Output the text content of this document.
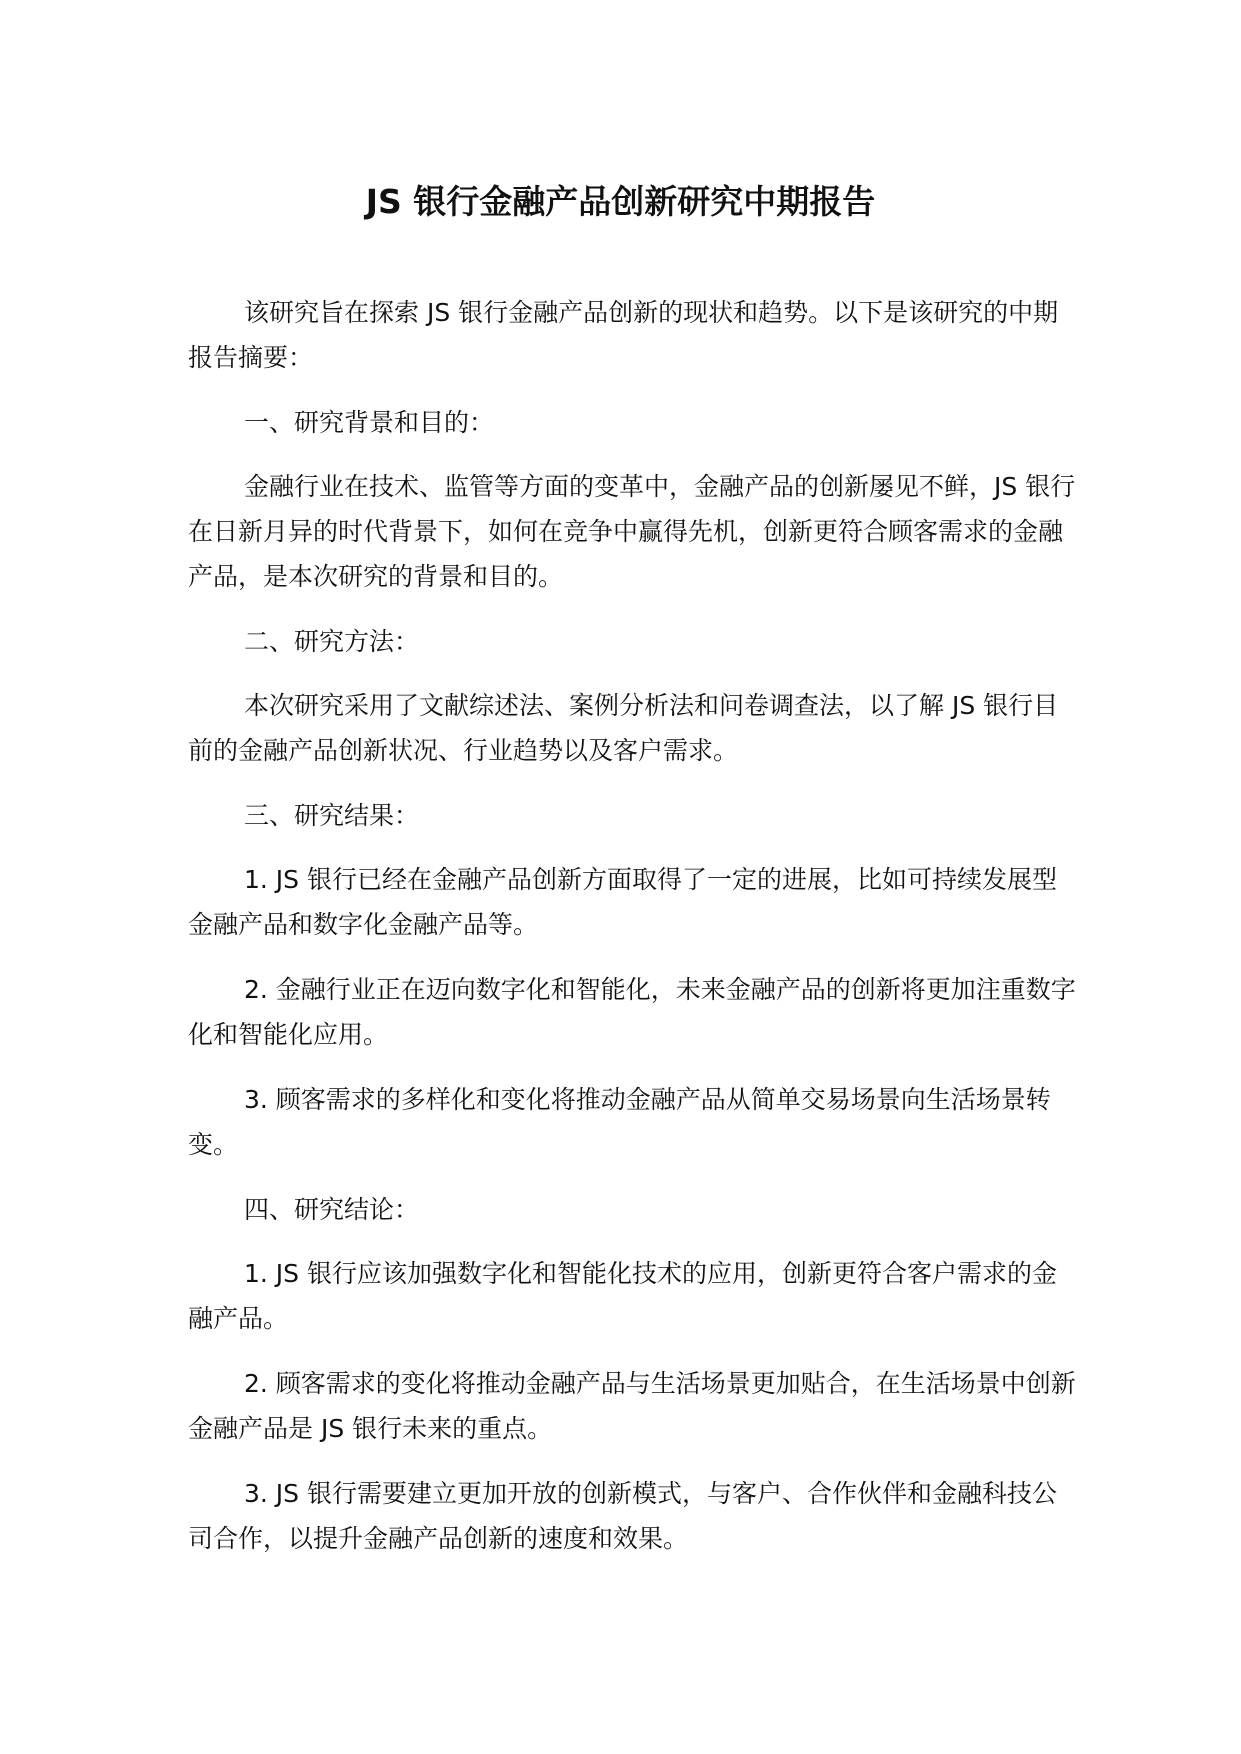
JS 银行金融产品创新研究中期报告

该研究旨在探索 JS 银行金融产品创新的现状和趋势。以下是该研究的中期报告摘要：

一、研究背景和目的：

金融行业在技术、监管等方面的变革中，金融产品的创新屡见不鲜，JS 银行在日新月异的时代背景下，如何在竞争中赢得先机，创新更符合顾客需求的金融产品，是本次研究的背景和目的。

二、研究方法：

本次研究采用了文献综述法、案例分析法和问卷调查法，以了解 JS 银行目前的金融产品创新状况、行业趋势以及客户需求。

三、研究结果：

1. JS 银行已经在金融产品创新方面取得了一定的进展，比如可持续发展型金融产品和数字化金融产品等。

2. 金融行业正在迈向数字化和智能化，未来金融产品的创新将更加注重数字化和智能化应用。

3. 顾客需求的多样化和变化将推动金融产品从简单交易场景向生活场景转变。

四、研究结论：

1. JS 银行应该加强数字化和智能化技术的应用，创新更符合客户需求的金融产品。

2. 顾客需求的变化将推动金融产品与生活场景更加贴合，在生活场景中创新金融产品是 JS 银行未来的重点。

3. JS 银行需要建立更加开放的创新模式，与客户、合作伙伴和金融科技公司合作，以提升金融产品创新的速度和效果。
